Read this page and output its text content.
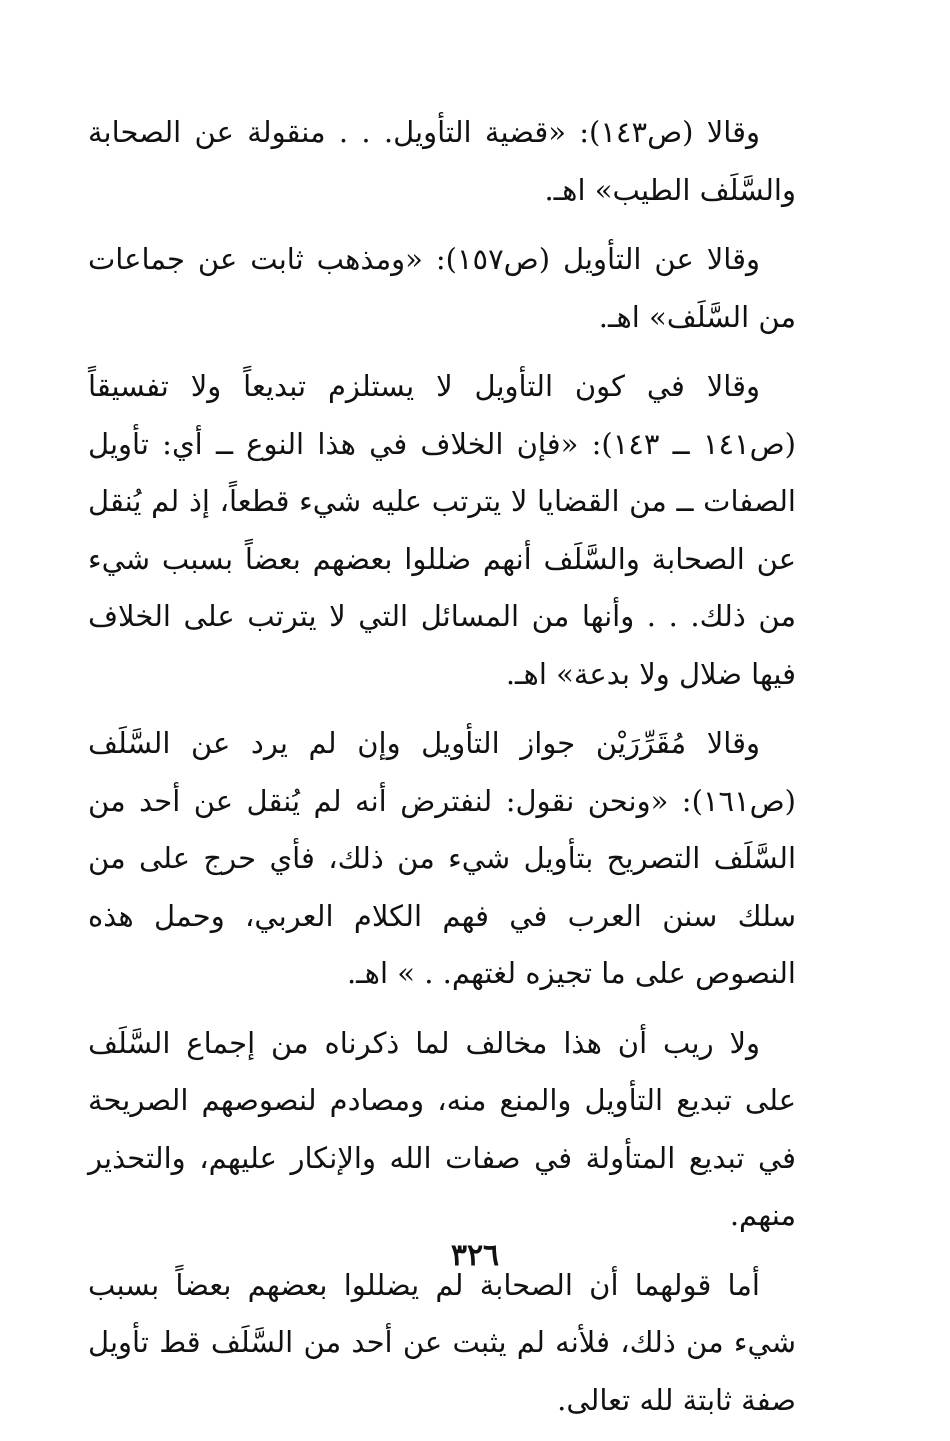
وقالا (ص١٤٣): «قضية التأويل. . . منقولة عن الصحابة والسَّلَف الطيب» اهـ.

وقالا عن التأويل (ص١٥٧): «ومذهب ثابت عن جماعات من السَّلَف» اهـ.

وقالا في كون التأويل لا يستلزم تبديعاً ولا تفسيقاً (ص١٤١ ــ ١٤٣): «فإن الخلاف في هذا النوع ــ أي: تأويل الصفات ــ من القضايا لا يترتب عليه شيء قطعاً، إذ لم يُنقل عن الصحابة والسَّلَف أنهم ضللوا بعضهم بعضاً بسبب شيء من ذلك. . . وأنها من المسائل التي لا يترتب على الخلاف فيها ضلال ولا بدعة» اهـ.

وقالا مُقَرِّرَيْن جواز التأويل وإن لم يرد عن السَّلَف (ص١٦١): «ونحن نقول: لنفترض أنه لم يُنقل عن أحد من السَّلَف التصريح بتأويل شيء من ذلك، فأي حرج على من سلك سنن العرب في فهم الكلام العربي، وحمل هذه النصوص على ما تجيزه لغتهم. . » اهـ.

ولا ريب أن هذا مخالف لما ذكرناه من إجماع السَّلَف على تبديع التأويل والمنع منه، ومصادم لنصوصهم الصريحة في تبديع المتأولة في صفات الله والإنكار عليهم، والتحذير منهم.

أما قولهما أن الصحابة لم يضللوا بعضهم بعضاً بسبب شيء من ذلك، فلأنه لم يثبت عن أحد من السَّلَف قط تأويل صفة ثابتة لله تعالى.

٣٢٦
